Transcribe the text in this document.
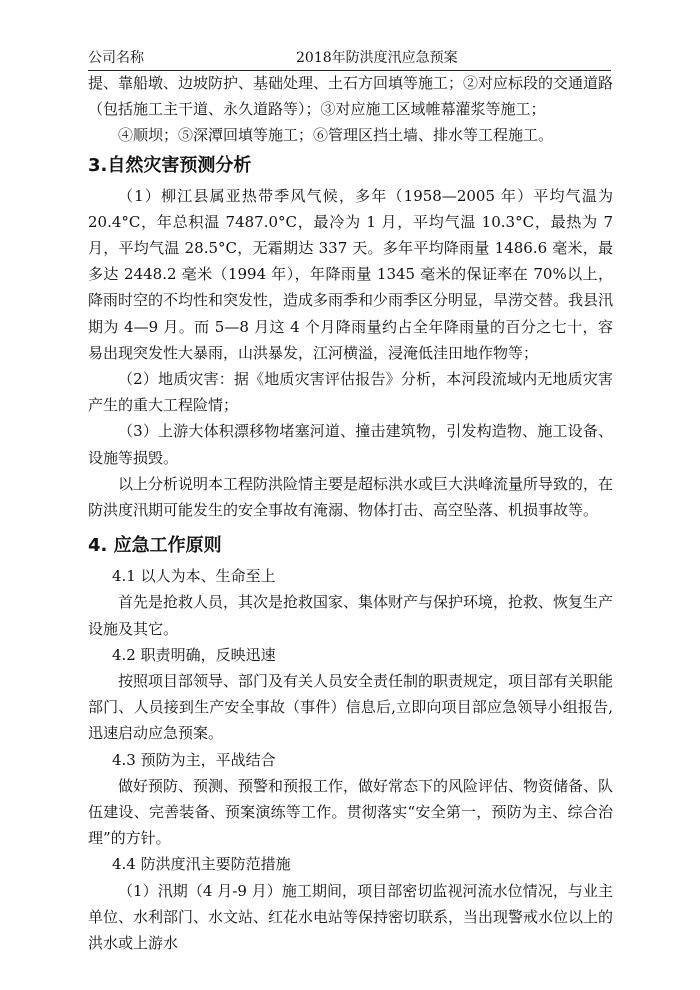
公司名称	2018年防洪度汛应急预案

提、靠船墩、边坡防护、基础处理、土石方回填等施工；②对应标段的交通道路（包括施工主干道、永久道路等）；③对应施工区域帷幕灌浆等施工；

④顺坝；⑤深潭回填等施工；⑥管理区挡土墙、排水等工程施工。

3.自然灾害预测分析

（1）柳江县属亚热带季风气候，多年（1958—2005 年）平均气温为 20.4°C，年总积温 7487.0°C，最冷为 1 月，平均气温 10.3°C，最热为 7 月，平均气温 28.5°C，无霜期达 337 天。多年平均降雨量 1486.6 毫米，最多达 2448.2 毫米（1994 年），年降雨量 1345 毫米的保证率在 70%以上，降雨时空的不均性和突发性，造成多雨季和少雨季区分明显，旱涝交替。我县汛期为 4—9 月。而 5—8 月这 4 个月降雨量约占全年降雨量的百分之七十，容易出现突发性大暴雨，山洪暴发，江河横溢，浸淹低洼田地作物等；

（2）地质灾害：据《地质灾害评估报告》分析，本河段流域内无地质灾害产生的重大工程险情；

（3）上游大体积漂移物堵塞河道、撞击建筑物，引发构造物、施工设备、设施等损毁。

以上分析说明本工程防洪险情主要是超标洪水或巨大洪峰流量所导致的，在防洪度汛期可能发生的安全事故有淹溺、物体打击、高空坠落、机损事故等。

4. 应急工作原则

4.1 以人为本、生命至上

首先是抢救人员，其次是抢救国家、集体财产与保护环境，抢救、恢复生产设施及其它。

4.2 职责明确，反映迅速

按照项目部领导、部门及有关人员安全责任制的职责规定，项目部有关职能部门、人员接到生产安全事故（事件）信息后,立即向项目部应急领导小组报告,迅速启动应急预案。

4.3 预防为主，平战结合

做好预防、预测、预警和预报工作，做好常态下的风险评估、物资储备、队伍建设、完善装备、预案演练等工作。贯彻落实“安全第一，预防为主、综合治理”的方针。

4.4 防洪度汛主要防范措施

（1）汛期（4 月-9 月）施工期间，项目部密切监视河流水位情况，与业主单位、水利部门、水文站、红花水电站等保持密切联系，当出现警戒水位以上的洪水或上游水
